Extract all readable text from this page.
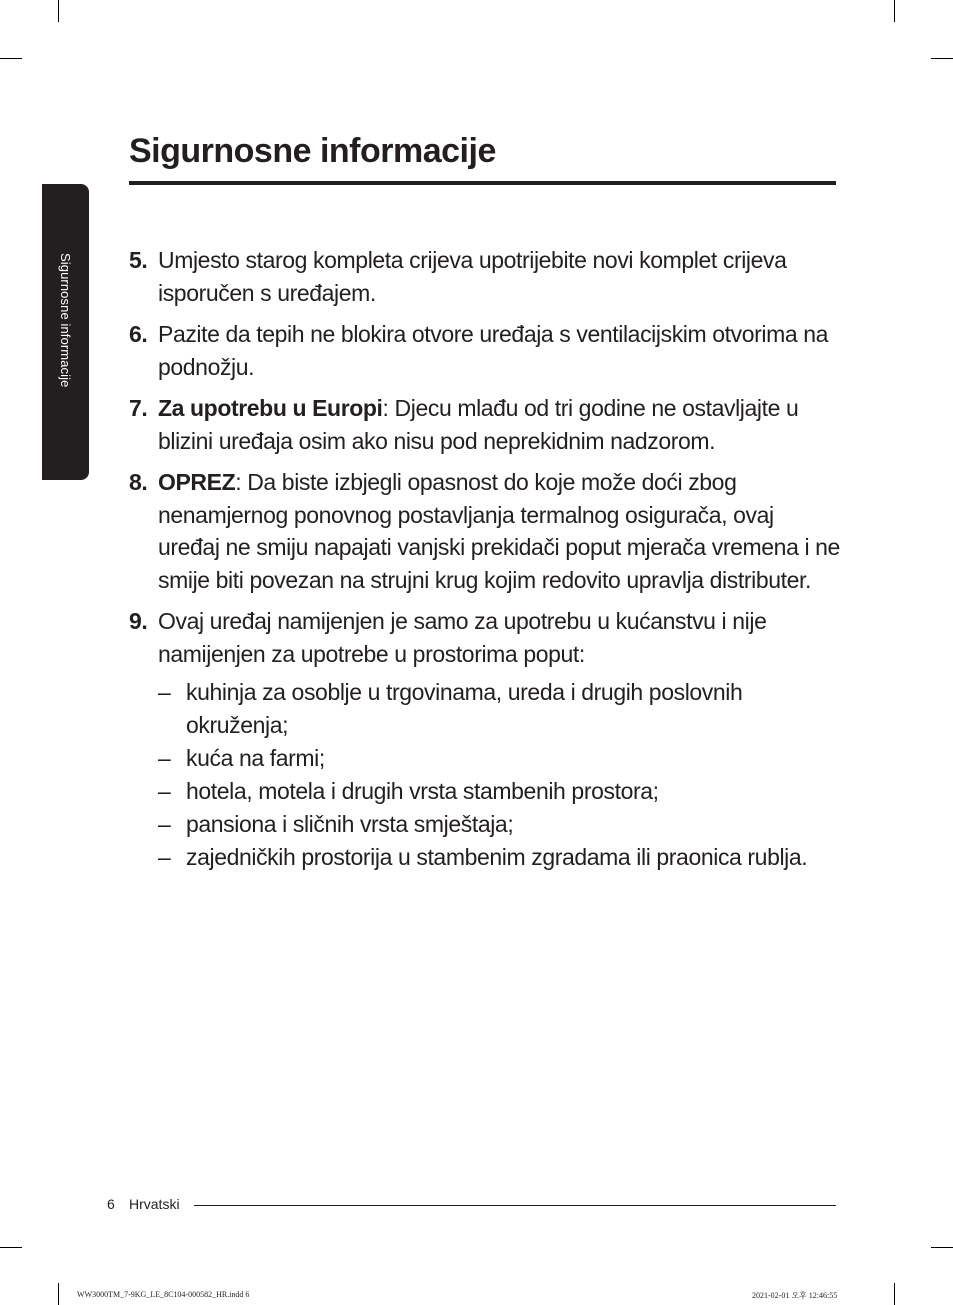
Sigurnosne informacije
Sigurnosne informacije
5. Umjesto starog kompleta crijeva upotrijebite novi komplet crijeva isporučen s uređajem.
6. Pazite da tepih ne blokira otvore uređaja s ventilacijskim otvorima na podnožju.
7. Za upotrebu u Europi: Djecu mlađu od tri godine ne ostavljajte u blizini uređaja osim ako nisu pod neprekidnim nadzorom.
8. OPREZ: Da biste izbjegli opasnost do koje može doći zbog nenamjernog ponovnog postavljanja termalnog osigurača, ovaj uređaj ne smiju napajati vanjski prekidači poput mjerača vremena i ne smije biti povezan na strujni krug kojim redovito upravlja distributer.
9. Ovaj uređaj namijenjen je samo za upotrebu u kućanstvu i nije namijenjen za upotrebe u prostorima poput:
– kuhinja za osoblje u trgovinama, ureda i drugih poslovnih okruženja;
– kuća na farmi;
– hotela, motela i drugih vrsta stambenih prostora;
– pansiona i sličnih vrsta smještaja;
– zajedničkih prostorija u stambenim zgradama ili praonica rublja.
6 Hrvatski
WW3000TM_7-9KG_LE_8C104-000582_HR.indd 6	2021-02-01 ⁠오후 12:46:55
